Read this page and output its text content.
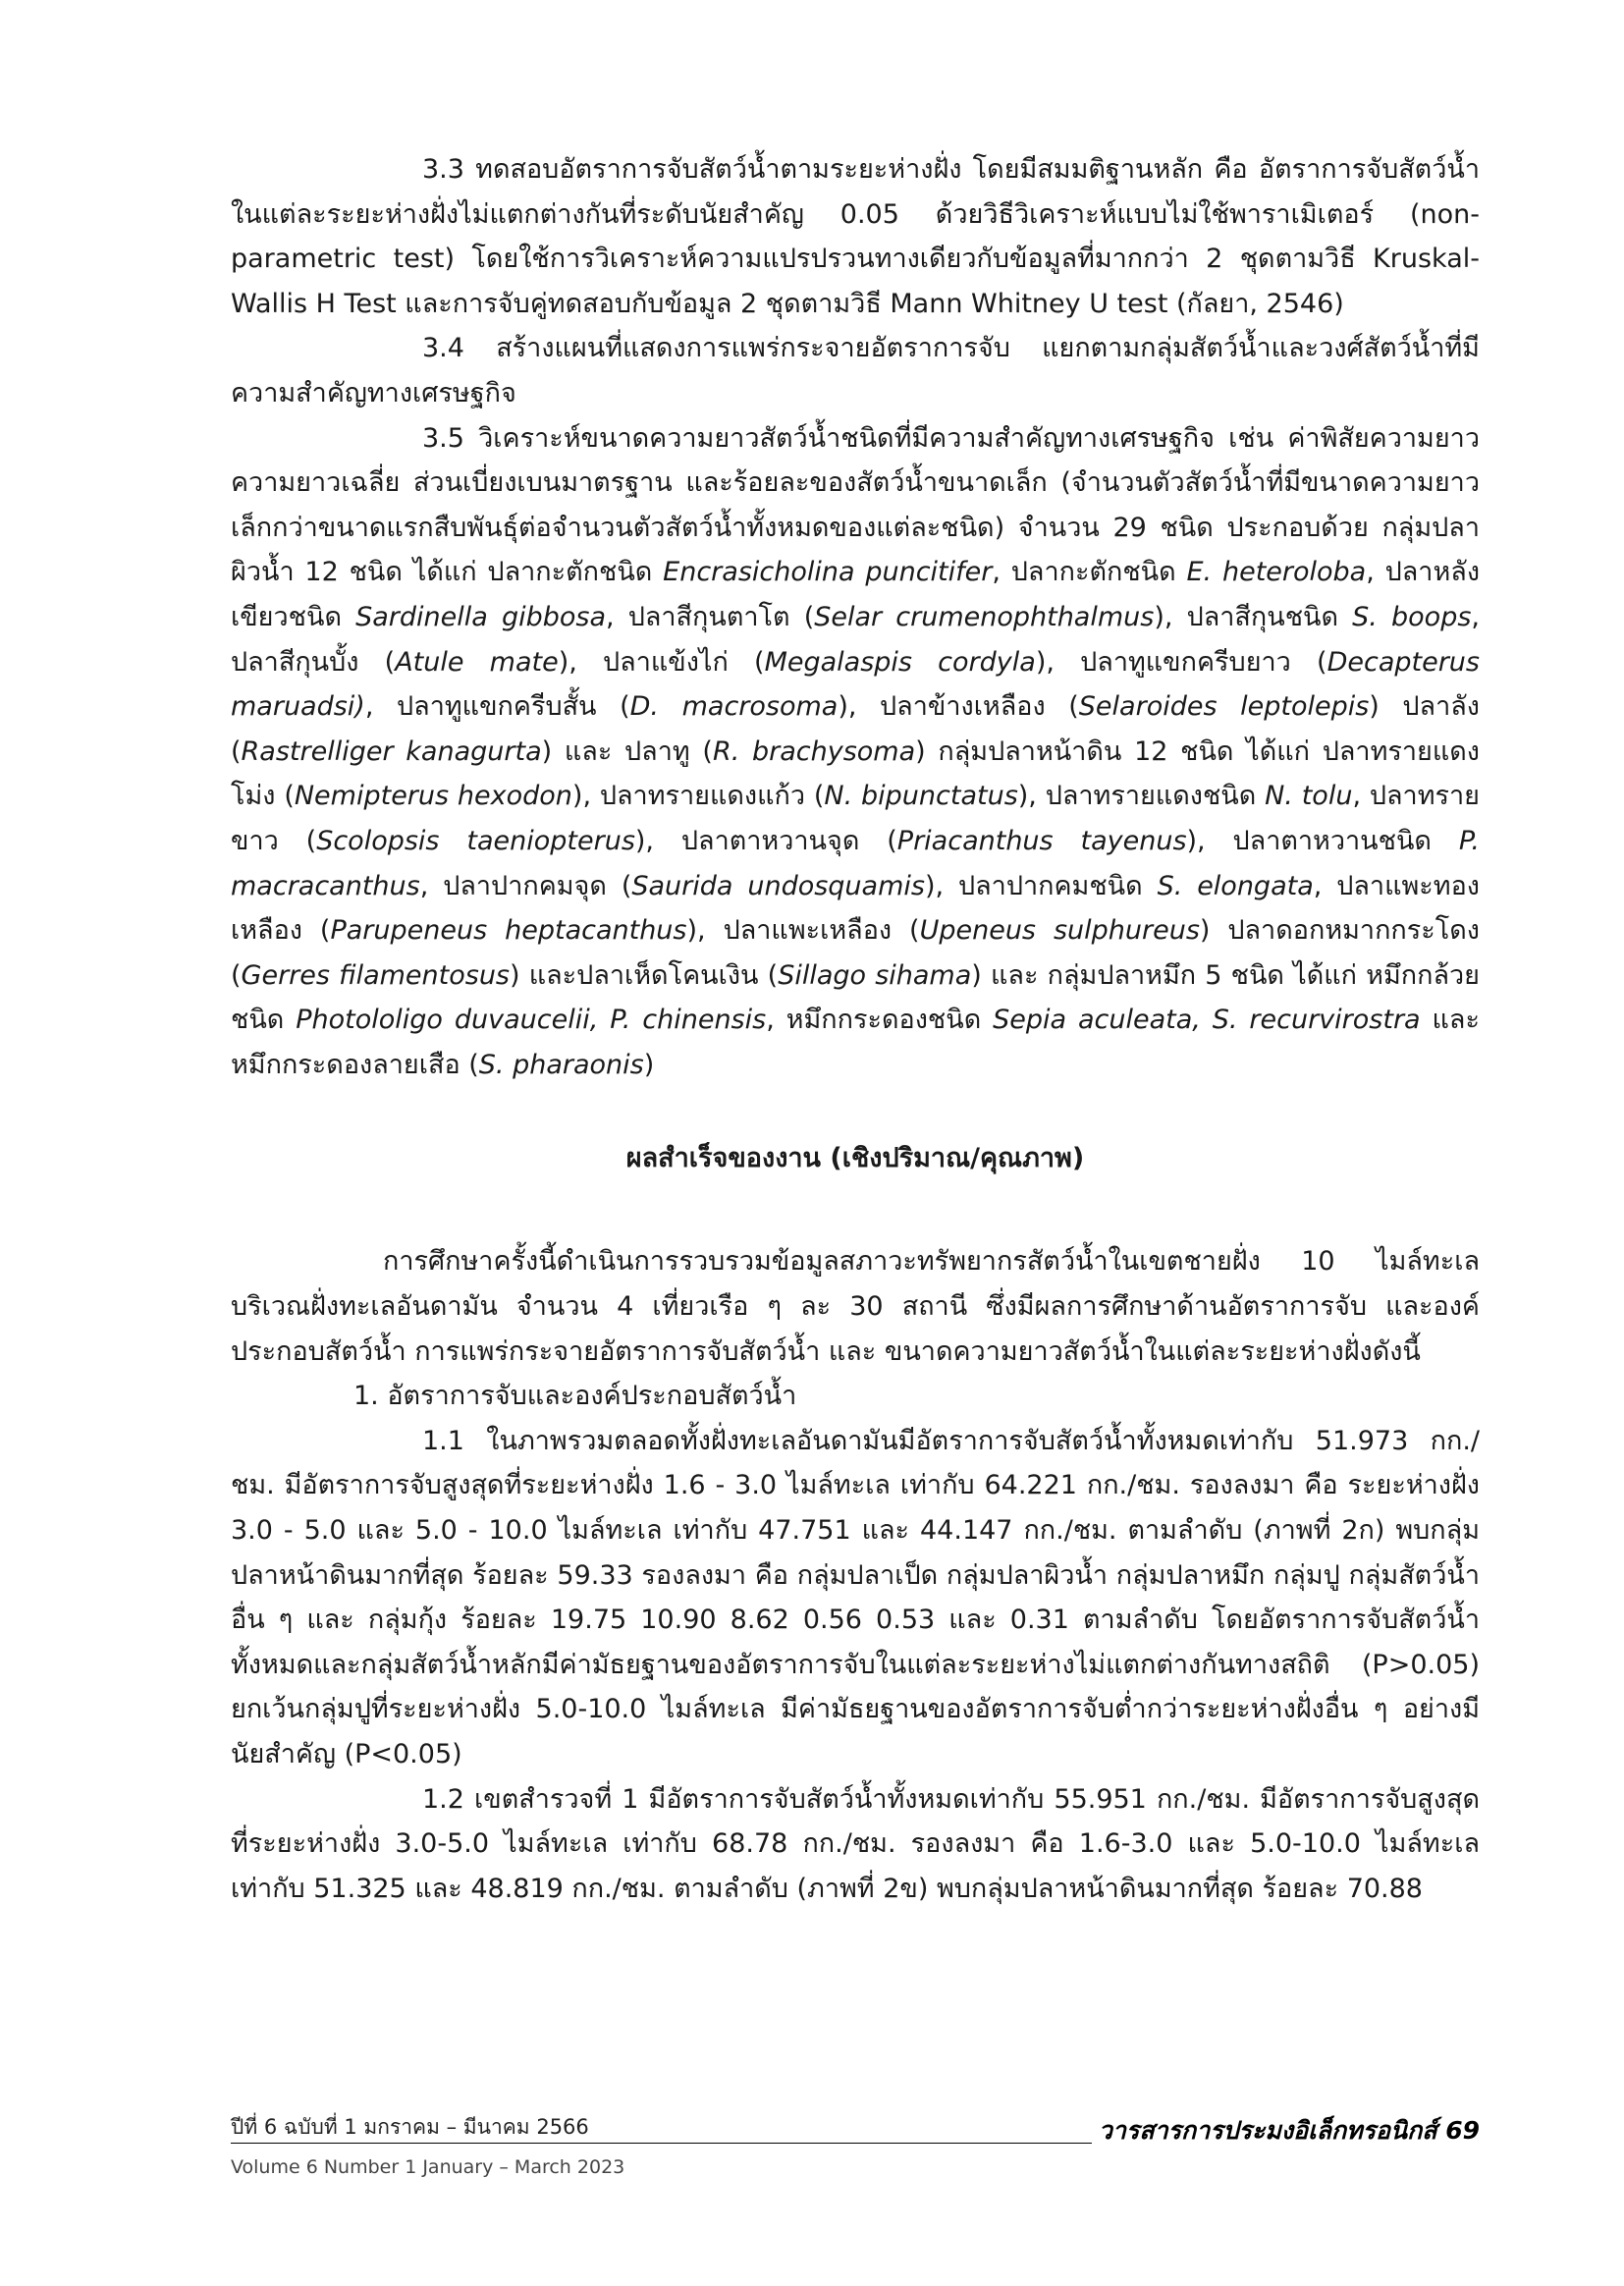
3.3 ทดสอบอัตราการจับสัตว์น้ำตามระยะห่างฝั่ง โดยมีสมมติฐานหลัก คือ อัตราการจับสัตว์น้ำในแต่ละระยะห่างฝั่งไม่แตกต่างกันที่ระดับนัยสำคัญ 0.05 ด้วยวิธีวิเคราะห์แบบไม่ใช้พาราเมิเตอร์ (non-parametric test) โดยใช้การวิเคราะห์ความแปรปรวนทางเดียวกับข้อมูลที่มากกว่า 2 ชุดตามวิธี Kruskal-Wallis H Test และการจับคู่ทดสอบกับข้อมูล 2 ชุดตามวิธี Mann Whitney U test (กัลยา, 2546)

3.4 สร้างแผนที่แสดงการแพร่กระจายอัตราการจับ แยกตามกลุ่มสัตว์น้ำและวงศ์สัตว์น้ำที่มีความสำคัญทางเศรษฐกิจ

3.5 วิเคราะห์ขนาดความยาวสัตว์น้ำชนิดที่มีความสำคัญทางเศรษฐกิจ เช่น ค่าพิสัยความยาว ความยาวเฉลี่ย ส่วนเบี่ยงเบนมาตรฐาน และร้อยละของสัตว์น้ำขนาดเล็ก (จำนวนตัวสัตว์น้ำที่มีขนาดความยาวเล็กกว่าขนาดแรกสืบพันธุ์ต่อจำนวนตัวสัตว์น้ำทั้งหมดของแต่ละชนิด) จำนวน 29 ชนิด ประกอบด้วย กลุ่มปลาผิวน้ำ 12 ชนิด ได้แก่ ปลากะตักชนิด Encrasicholina puncitifer, ปลากะตักชนิด E. heteroloba, ปลาหลังเขียวชนิด Sardinella gibbosa, ปลาสีกุนตาโต (Selar crumenophthalmus), ปลาสีกุนชนิด S. boops, ปลาสีกุนบั้ง (Atule mate), ปลาแข้งไก่ (Megalaspis cordyla), ปลาทูแขกครีบยาว (Decapterus maruadsi), ปลาทูแขกครีบสั้น (D. macrosoma), ปลาข้างเหลือง (Selaroides leptolepis) ปลาลัง (Rastrelliger kanagurta) และ ปลาทู (R. brachysoma) กลุ่มปลาหน้าดิน 12 ชนิด ได้แก่ ปลาทรายแดงโม่ง (Nemipterus hexodon), ปลาทรายแดงแก้ว (N. bipunctatus), ปลาทรายแดงชนิด N. tolu, ปลาทรายขาว (Scolopsis taeniopterus), ปลาตาหวานจุด (Priacanthus tayenus), ปลาตาหวานชนิด P. macracanthus, ปลาปากคมจุด (Saurida undosquamis), ปลาปากคมชนิด S. elongata, ปลาแพะทองเหลือง (Parupeneus heptacanthus), ปลาแพะเหลือง (Upeneus sulphureus) ปลาดอกหมากกระโดง (Gerres filamentosus) และปลาเห็ดโคนเงิน (Sillago sihama) และ กลุ่มปลาหมึก 5 ชนิด ได้แก่ หมึกกล้วยชนิด Photololigo duvaucelii, P. chinensis, หมึกกระดองชนิด Sepia aculeata, S. recurvirostra และ หมึกกระดองลายเสือ (S. pharaonis)

ผลสำเร็จของงาน (เชิงปริมาณ/คุณภาพ)

การศึกษาครั้งนี้ดำเนินการรวบรวมข้อมูลสภาวะทรัพยากรสัตว์น้ำในเขตชายฝั่ง 10 ไมล์ทะเล บริเวณฝั่งทะเลอันดามัน จำนวน 4 เที่ยวเรือ ๆ ละ 30 สถานี ซึ่งมีผลการศึกษาด้านอัตราการจับ และองค์ประกอบสัตว์น้ำ การแพร่กระจายอัตราการจับสัตว์น้ำ และ ขนาดความยาวสัตว์น้ำในแต่ละระยะห่างฝั่งดังนี้

1. อัตราการจับและองค์ประกอบสัตว์น้ำ

1.1 ในภาพรวมตลอดทั้งฝั่งทะเลอันดามันมีอัตราการจับสัตว์น้ำทั้งหมดเท่ากับ 51.973 กก./ชม. มีอัตราการจับสูงสุดที่ระยะห่างฝั่ง 1.6 - 3.0 ไมล์ทะเล เท่ากับ 64.221 กก./ชม. รองลงมา คือ ระยะห่างฝั่ง 3.0 - 5.0 และ 5.0 - 10.0 ไมล์ทะเล เท่ากับ 47.751 และ 44.147 กก./ชม. ตามลำดับ (ภาพที่ 2ก) พบกลุ่มปลาหน้าดินมากที่สุด ร้อยละ 59.33 รองลงมา คือ กลุ่มปลาเป็ด กลุ่มปลาผิวน้ำ กลุ่มปลาหมึก กลุ่มปู กลุ่มสัตว์น้ำอื่น ๆ และ กลุ่มกุ้ง ร้อยละ 19.75 10.90 8.62 0.56 0.53 และ 0.31 ตามลำดับ โดยอัตราการจับสัตว์น้ำทั้งหมดและกลุ่มสัตว์น้ำหลักมีค่ามัธยฐานของอัตราการจับในแต่ละระยะห่างไม่แตกต่างกันทางสถิติ (P>0.05) ยกเว้นกลุ่มปูที่ระยะห่างฝั่ง 5.0-10.0 ไมล์ทะเล มีค่ามัธยฐานของอัตราการจับต่ำกว่าระยะห่างฝั่งอื่น ๆ อย่างมีนัยสำคัญ (P<0.05)

1.2 เขตสำรวจที่ 1 มีอัตราการจับสัตว์น้ำทั้งหมดเท่ากับ 55.951 กก./ชม. มีอัตราการจับสูงสุดที่ระยะห่างฝั่ง 3.0-5.0 ไมล์ทะเล เท่ากับ 68.78 กก./ชม. รองลงมา คือ 1.6-3.0 และ 5.0-10.0 ไมล์ทะเล เท่ากับ 51.325 และ 48.819 กก./ชม. ตามลำดับ (ภาพที่ 2ข) พบกลุ่มปลาหน้าดินมากที่สุด ร้อยละ 70.88

ปีที่ 6 ฉบับที่ 1 มกราคม – มีนาคม 2566	วารสารการประมงอิเล็กทรอนิกส์ 69
Volume 6 Number 1 January – March 2023
